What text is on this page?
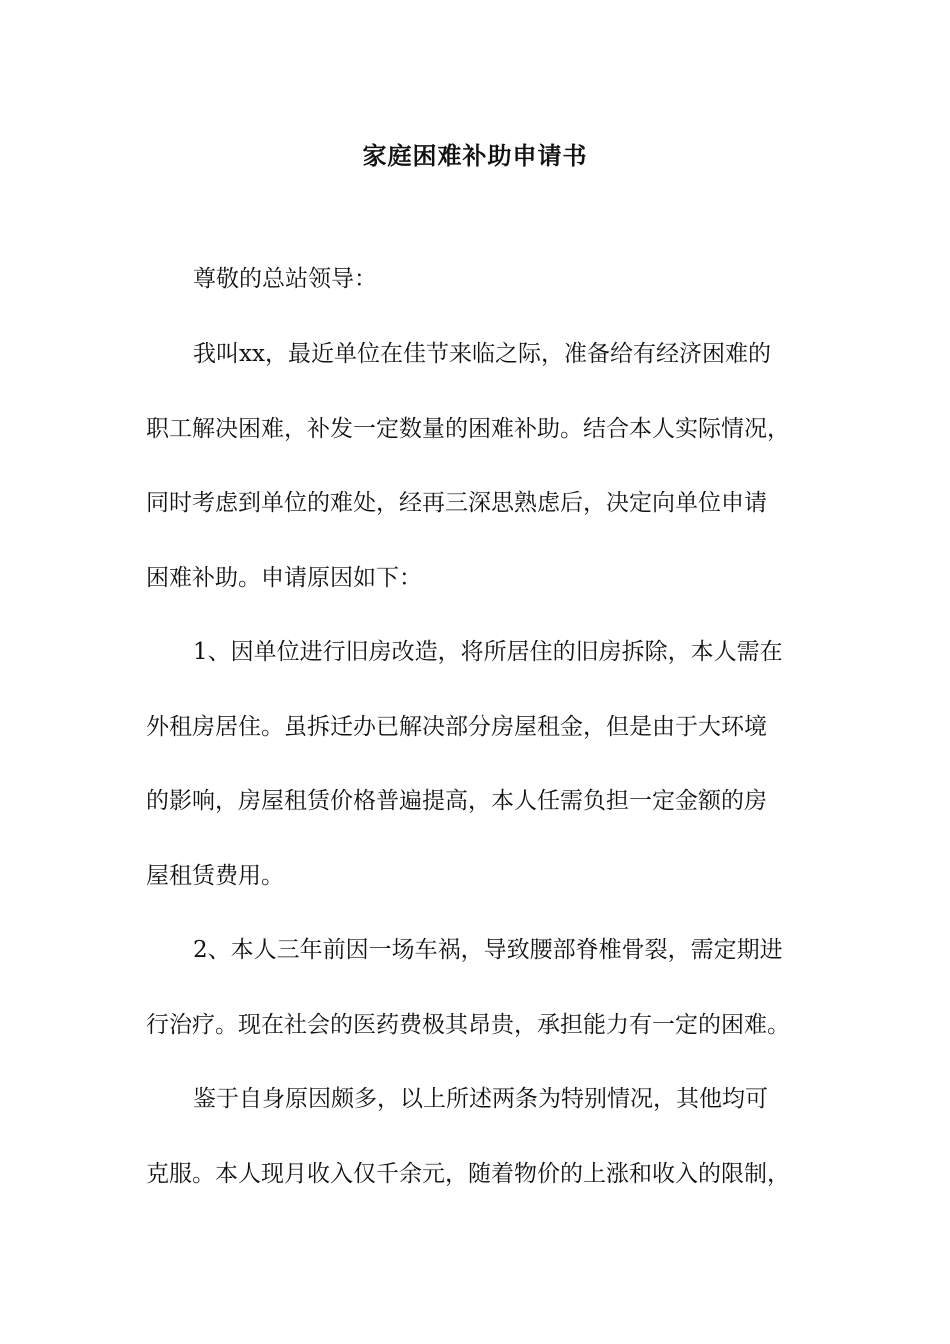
家庭困难补助申请书
尊敬的总站领导：
我叫xx，最近单位在佳节来临之际，准备给有经济困难的
职工解决困难，补发一定数量的困难补助。结合本人实际情况，
同时考虑到单位的难处，经再三深思熟虑后，决定向单位申请
困难补助。申请原因如下：
1、因单位进行旧房改造，将所居住的旧房拆除，本人需在
外租房居住。虽拆迁办已解决部分房屋租金，但是由于大环境
的影响，房屋租赁价格普遍提高，本人任需负担一定金额的房
屋租赁费用。
2、本人三年前因一场车祸，导致腰部脊椎骨裂，需定期进
行治疗。现在社会的医药费极其昂贵，承担能力有一定的困难。
鉴于自身原因颇多，以上所述两条为特别情况，其他均可
克服。本人现月收入仅千余元，随着物价的上涨和收入的限制，
